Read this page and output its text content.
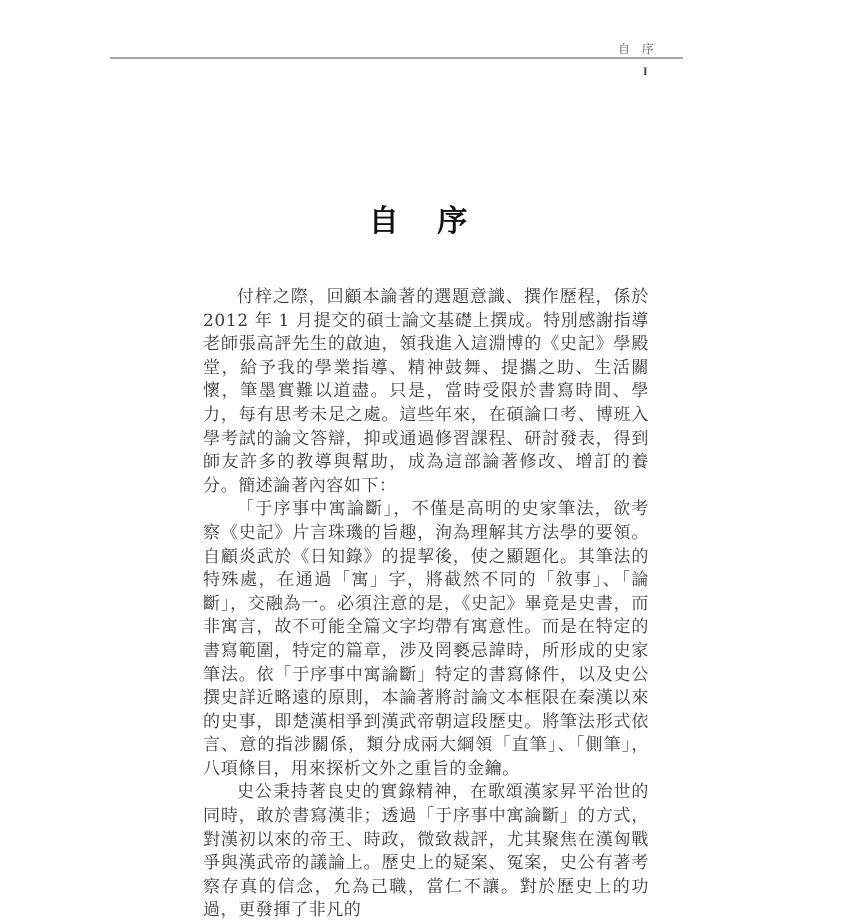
自 序
I
自 序

付梓之際，回顧本論著的選題意識、撰作歷程，係於 2012 年 1 月提交的碩士論文基礎上撰成。特別感謝指導老師張高評先生的啟迪，領我進入這淵博的《史記》學殿堂，給予我的學業指導、精神鼓舞、提攜之助、生活關懷，筆墨實難以道盡。只是，當時受限於書寫時間、學力，每有思考未足之處。這些年來，在碩論口考、博班入學考試的論文答辯，抑或通過修習課程、研討發表，得到師友許多的教導與幫助，成為這部論著修改、增訂的養分。簡述論著內容如下：

「于序事中寓論斷」，不僅是高明的史家筆法，欲考察《史記》片言珠璣的旨趣，洵為理解其方法學的要領。自顧炎武於《日知錄》的提挈後，使之顯題化。其筆法的特殊處，在通過「寓」字，將截然不同的「敘事」、「論斷」，交融為一。必須注意的是，《史記》畢竟是史書，而非寓言，故不可能全篇文字均帶有寓意性。而是在特定的書寫範圍，特定的篇章，涉及罔褻忌諱時，所形成的史家筆法。依「于序事中寓論斷」特定的書寫條件，以及史公撰史詳近略遠的原則，本論著將討論文本框限在秦漢以來的史事，即楚漢相爭到漢武帝朝這段歷史。將筆法形式依言、意的指涉關係，類分成兩大綱領「直筆」、「側筆」，八項條目，用來探析文外之重旨的金鑰。

史公秉持著良史的實錄精神，在歌頌漢家昇平治世的同時，敢於書寫漢非；透過「于序事中寓論斷」的方式，對漢初以來的帝王、時政，微致裁評，尤其聚焦在漢匈戰爭與漢武帝的議論上。歷史上的疑案、冤案，史公有著考察存真的信念，允為己職，當仁不讓。對於歷史上的功過，更發揮了非凡的
